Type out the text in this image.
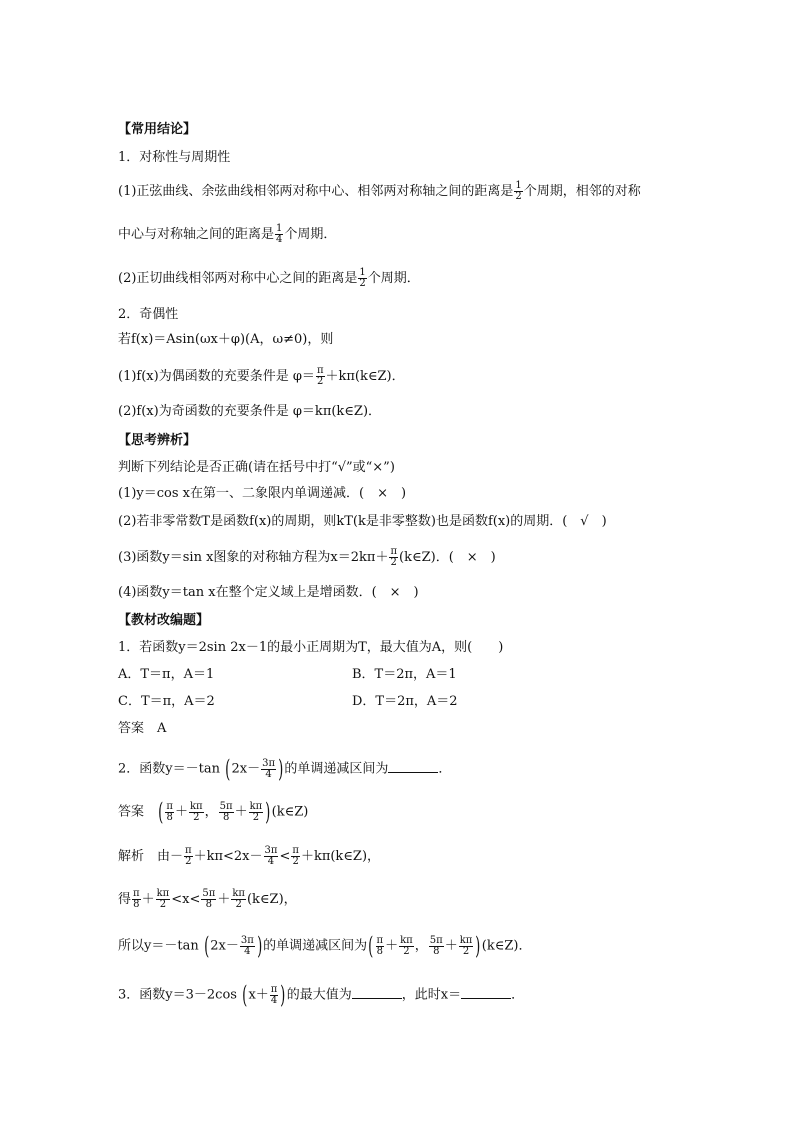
【常用结论】
1．对称性与周期性
(1)正弦曲线、余弦曲线相邻两对称中心、相邻两对称轴之间的距离是 $\frac{1}{2}$ 个周期，相邻的对称
中心与对称轴之间的距离是 $\frac{1}{4}$ 个周期．
(2)正切曲线相邻两对称中心之间的距离是 $\frac{1}{2}$ 个周期．
2．奇偶性
若f(x)＝Asin(ωx＋φ)(A，ω≠0)，则
(1)f(x)为偶函数的充要条件是 $\varphi= \frac{\pi}{2}$ ＋kπ(k∈Z)．
(2)f(x)为奇函数的充要条件是 φ＝kπ(k∈Z)．
【思考辨析】
判断下列结论是否正确(请在括号中打“√”或“×”)
(1)y＝cos x在第一、二象限内单调递减．(　×　)
(2)若非零常数T是函数f(x)的周期，则kT(k是非零整数)也是函数f(x)的周期．(　√　)
(3)函数y＝sin x图象的对称轴方程为$x=2k\pi+ \frac{\pi}{2}$ (k∈Z)．(　×　)
(4)函数y＝tan x在整个定义域上是增函数．(　×　)
【教材改编题】
1．若函数y＝2sin 2x－1的最小正周期为T，最大值为A，则(　　)
A．T＝π，A＝1	B．T＝2π，A＝1
C．T＝π，A＝2	D．T＝2π，A＝2
答案　A
2．函数y＝－tan ($2x- \frac{3\pi}{4}$ )的单调递减区间为	．
答案　 ( $\frac{\pi}{8} + \frac{k\pi}{2}$ ， $\frac{5\pi}{8} + \frac{k\pi}{2}$ )(k∈Z)
解析　由－ $\frac{\pi}{2} +k\pi<2x- \frac{3\pi}{4} < \frac{\pi}{2}$ ＋kπ(k∈Z)，
得 $\frac{\pi}{8} + \frac{k\pi}{2} <x< \frac{5\pi}{8} + \frac{k\pi}{2}$ (k∈Z)，
所以y＝－tan ($2x- \frac{3\pi}{4}$ )的单调递减区间为( $\frac{\pi}{8} + \frac{k\pi}{2}$ ， $\frac{5\pi}{8} + \frac{k\pi}{2}$ )(k∈Z)．
3．函数y＝3－2cos ($x+ \frac{\pi}{4}$ )的最大值为	，此时x＝	．
